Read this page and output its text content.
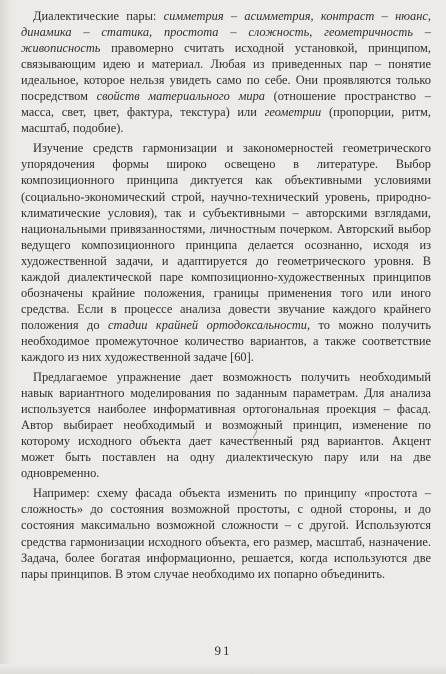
Диалектические пары: симметрия – асимметрия, контраст – нюанс, динамика – статика, простота – сложность, геометричность – живописность правомерно считать исходной установкой, принципом, связывающим идею и материал. Любая из приведенных пар – понятие идеальное, которое нельзя увидеть само по себе. Они проявляются только посредством свойств материального мира (отношение пространство – масса, свет, цвет, фактура, текстура) или геометрии (пропорции, ритм, масштаб, подобие).

Изучение средств гармонизации и закономерностей геометрического упорядочения формы широко освещено в литературе. Выбор композиционного принципа диктуется как объективными условиями (социально-экономический строй, научно-технический уровень, природно-климатические условия), так и субъективными – авторскими взглядами, национальными привязанностями, личностным почерком. Авторский выбор ведущего композиционного принципа делается осознанно, исходя из художественной задачи, и адаптируется до геометрического уровня. В каждой диалектической паре композиционно-художественных принципов обозначены крайние положения, границы применения того или иного средства. Если в процессе анализа довести звучание каждого крайнего положения до стадии крайней ортодоксальности, то можно получить необходимое промежуточное количество вариантов, а также соответствие каждого из них художественной задаче [60].

Предлагаемое упражнение дает возможность получить необходимый навык вариантного моделирования по заданным параметрам. Для анализа используется наиболее информативная ортогональная проекция – фасад. Автор выбирает необходимый и возможный принцип, изменение по которому исходного объекта дает качественный ряд вариантов. Акцент может быть поставлен на одну диалектическую пару или на две одновременно.

Например: схему фасада объекта изменить по принципу «простота – сложность» до состояния возможной простоты, с одной стороны, и до состояния максимально возможной сложности – с другой. Используются средства гармонизации исходного объекта, его размер, масштаб, назначение. Задача, более богатая информационно, решается, когда используются две пары принципов. В этом случае необходимо их попарно объединить.

91
